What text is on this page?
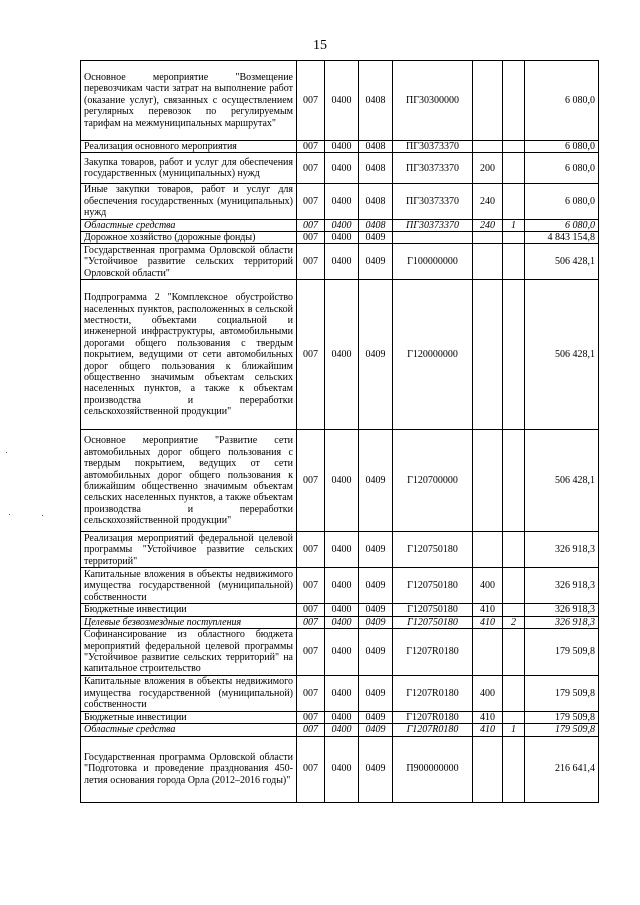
15
·
·	·
Основное мероприятие "Возмещение перевозчикам части затрат на выполнение работ (оказание услуг), связанных с осуществлением регулярных перевозок по регулируемым тарифам на межмуниципальных маршрутах"	007	0400	0408	ПГ30300000			6 080,0
Реализация основного мероприятия	007	0400	0408	ПГ30373370			6 080,0
Закупка товаров, работ и услуг для обеспечения государственных (муниципальных) нужд	007	0400	0408	ПГ30373370	200		6 080,0
Иные закупки товаров, работ и услуг для обеспечения государственных (муниципальных) нужд	007	0400	0408	ПГ30373370	240		6 080,0
Областные средства	007	0400	0408	ПГ30373370	240	1	6 080,0
Дорожное хозяйство (дорожные фонды)	007	0400	0409				4 843 154,8
Государственная программа Орловской области "Устойчивое развитие сельских территорий Орловской области"	007	0400	0409	Г100000000			506 428,1
Подпрограмма 2 "Комплексное обустройство населенных пунктов, расположенных в сельской местности, объектами социальной и инженерной инфраструктуры, автомобильными дорогами общего пользования с твердым покрытием, ведущими от сети автомобильных дорог общего пользования к ближайшим общественно значимым объектам сельских населенных пунктов, а также к объектам производства и переработки сельскохозяйственной продукции"	007	0400	0409	Г120000000			506 428,1
Основное мероприятие "Развитие сети автомобильных дорог общего пользования с твердым покрытием, ведущих от сети автомобильных дорог общего пользования к ближайшим общественно значимым объектам сельских населенных пунктов, а также объектам производства и переработки сельскохозяйственной продукции"	007	0400	0409	Г120700000			506 428,1
Реализация мероприятий федеральной целевой программы "Устойчивое развитие сельских территорий"	007	0400	0409	Г120750180			326 918,3
Капитальные вложения в объекты недвижимого имущества государственной (муниципальной) собственности	007	0400	0409	Г120750180	400		326 918,3
Бюджетные инвестиции	007	0400	0409	Г120750180	410		326 918,3
Целевые безвозмездные поступления	007	0400	0409	Г120750180	410	2	326 918,3
Софинансирование из областного бюджета мероприятий федеральной целевой программы "Устойчивое развитие сельских территорий" на капитальное строительство	007	0400	0409	Г1207R0180			179 509,8
Капитальные вложения в объекты недвижимого имущества государственной (муниципальной) собственности	007	0400	0409	Г1207R0180	400		179 509,8
Бюджетные инвестиции	007	0400	0409	Г1207R0180	410		179 509,8
Областные средства	007	0400	0409	Г1207R0180	410	1	179 509,8
Государственная программа Орловской области "Подготовка и проведение празднования 450-летия основания города Орла (2012–2016 годы)"	007	0400	0409	П900000000			216 641,4
